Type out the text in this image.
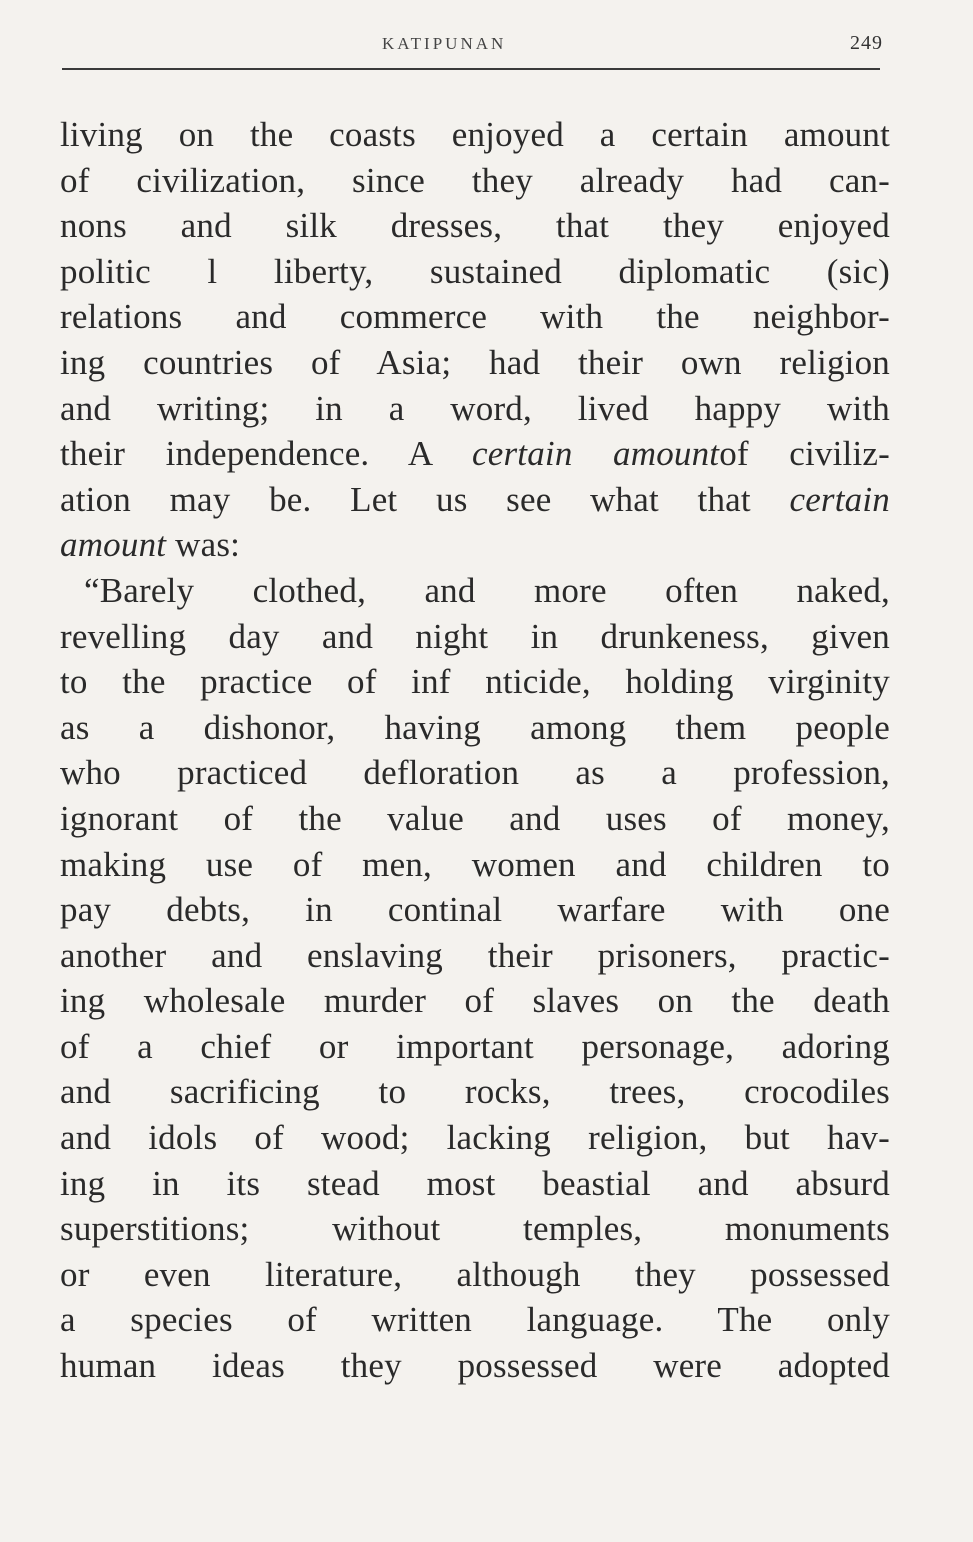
KATIPUNAN	249
living on the coasts enjoyed a certain amount
of civilization, since they already had can-
nons and silk dresses, that they enjoyed
politic l liberty, sustained diplomatic (sic)
relations and commerce with the neighbor-
ing countries of Asia; had their own religion
and writing; in a word, lived happy with
their independence. A certain amountof civiliz-
ation may be. Let us see what that certain
amount was:
“Barely clothed, and more often naked,
revelling day and night in drunkeness, given
to the practice of inf nticide, holding virginity
as a dishonor, having among them people
who practiced defloration as a profession,
ignorant of the value and uses of money,
making use of men, women and children to
pay debts, in continal warfare with one
another and enslaving their prisoners, practic-
ing wholesale murder of slaves on the death
of a chief or important personage, adoring
and sacrificing to rocks, trees, crocodiles
and idols of wood; lacking religion, but hav-
ing in its stead most beastial and absurd
superstitions; without temples, monuments
or even literature, although they possessed
a species of written language. The only
human ideas they possessed were adopted
